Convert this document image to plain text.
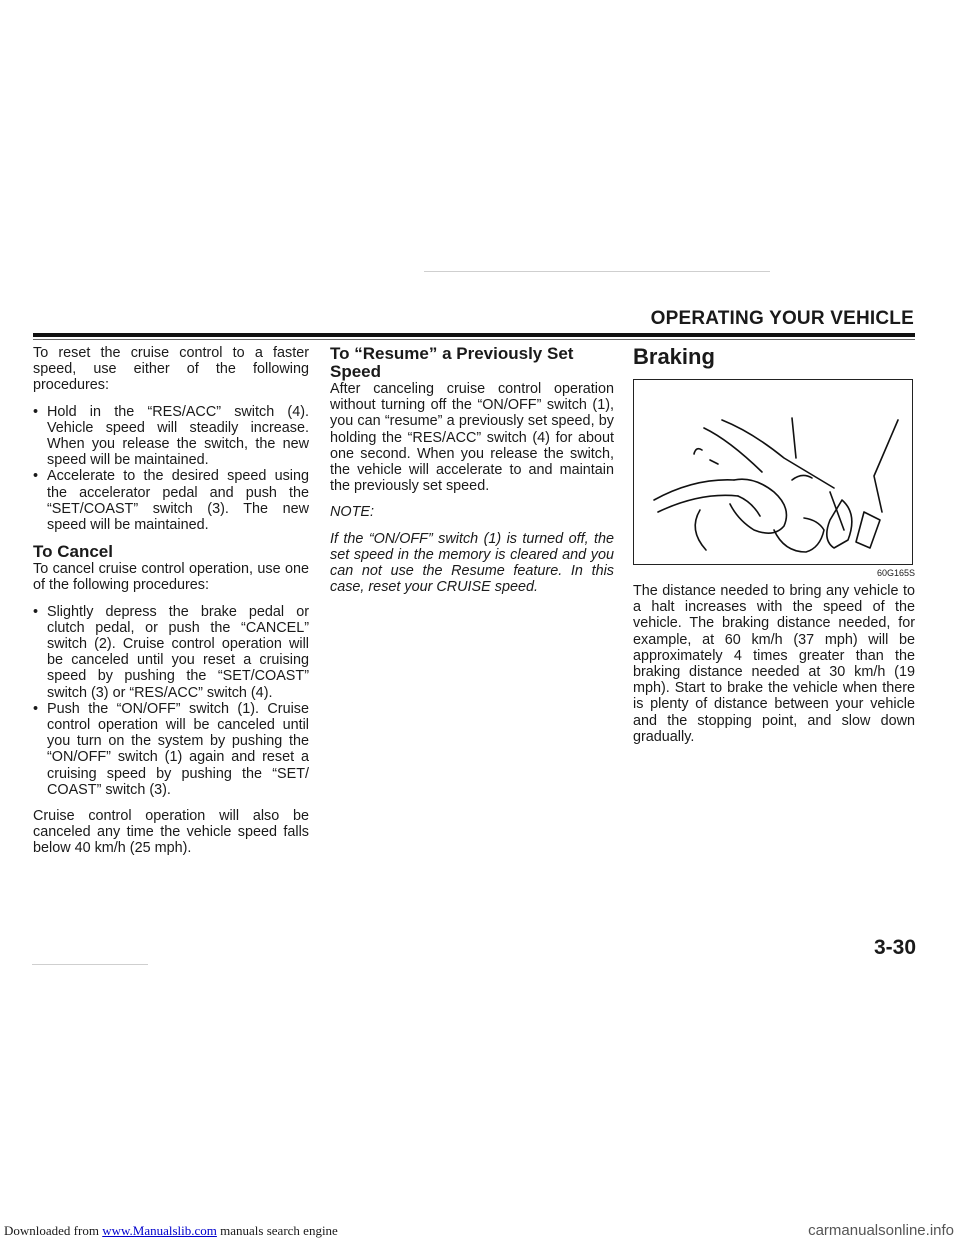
OPERATING YOUR VEHICLE

To reset the cruise control to a faster speed, use either of the following procedures:

• Hold in the “RES/ACC” switch (4). Vehicle speed will steadily increase. When you release the switch, the new speed will be maintained.
• Accelerate to the desired speed using the accelerator pedal and push the “SET/COAST” switch (3). The new speed will be maintained.
To Cancel

To cancel cruise control operation, use one of the following procedures:

• Slightly depress the brake pedal or clutch pedal, or push the “CANCEL” switch (2). Cruise control operation will be canceled until you reset a cruising speed by pushing the “SET/COAST” switch (3) or “RES/ACC” switch (4).
• Push the “ON/OFF” switch (1). Cruise control operation will be canceled until you turn on the system by pushing the “ON/OFF” switch (1) again and reset a cruising speed by pushing the “SET/ COAST” switch (3).

Cruise control operation will also be canceled any time the vehicle speed falls below 40 km/h (25 mph).

To “Resume” a Previously Set Speed

After canceling cruise control operation without turning off the “ON/OFF” switch (1), you can “resume” a previously set speed, by holding the “RES/ACC” switch (4) for about one second. When you release the switch, the vehicle will accelerate to and maintain the previously set speed.

NOTE:

If the “ON/OFF” switch (1) is turned off, the set speed in the memory is cleared and you can not use the Resume feature. In this case, reset your CRUISE speed.

Braking
60G165S

The distance needed to bring any vehicle to a halt increases with the speed of the vehicle. The braking distance needed, for example, at 60 km/h (37 mph) will be approximately 4 times greater than the braking distance needed at 30 km/h (19 mph). Start to brake the vehicle when there is plenty of distance between your vehicle and the stopping point, and slow down gradually.

3-30
Downloaded from www.Manualslib.com manuals search engine	carmanualsonline.info
